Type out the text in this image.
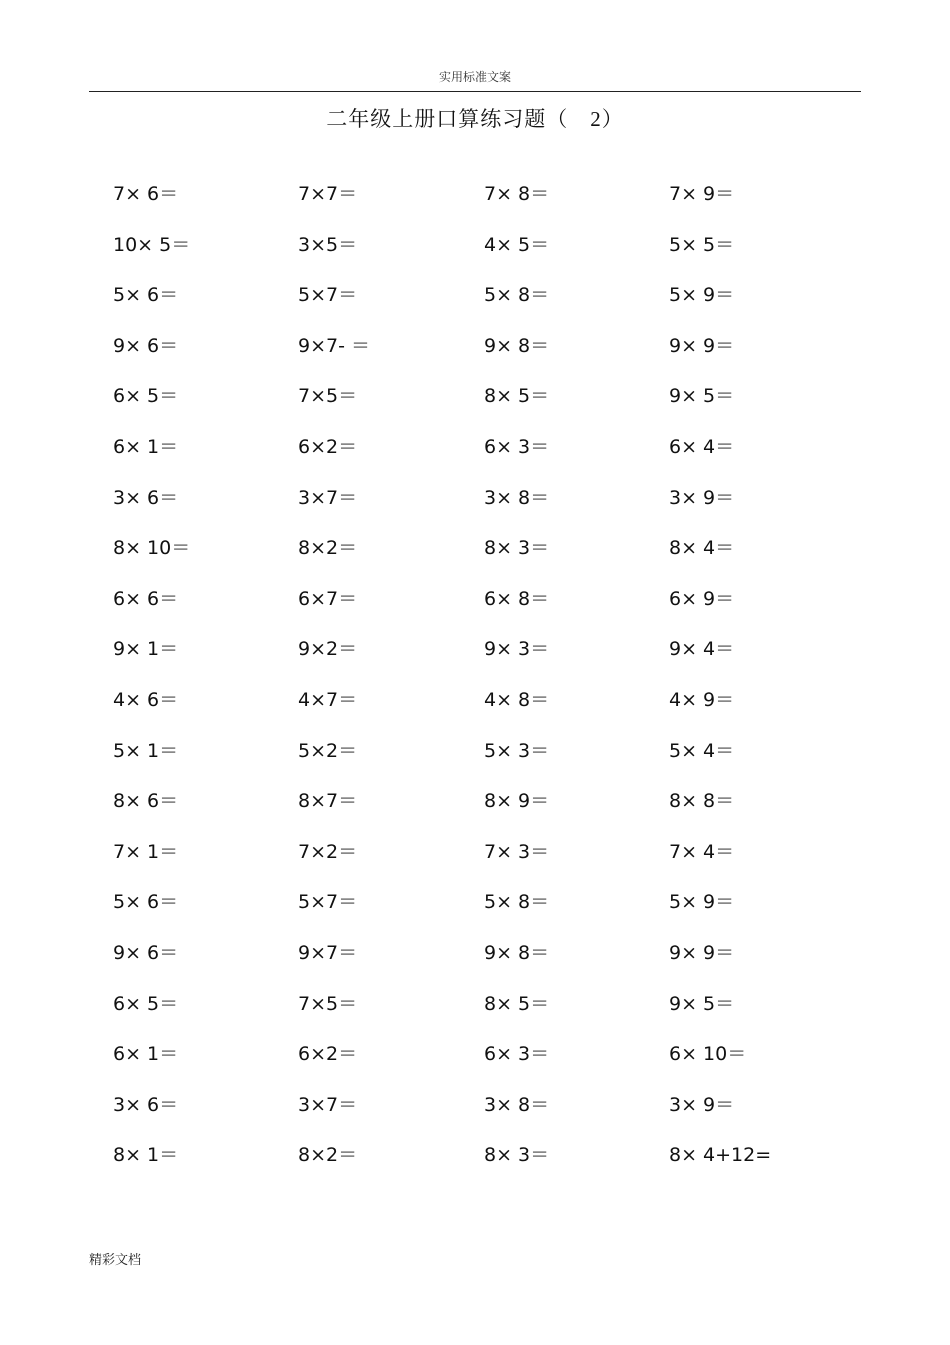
实用标准文案
二年级上册口算练习题（　2）
7× 6＝	7×7＝	7× 8＝	7× 9＝
10× 5＝	3×5＝	4× 5＝	5× 5＝
5× 6＝	5×7＝	5× 8＝	5× 9＝
9× 6＝	9×7- ＝	9× 8＝	9× 9＝
6× 5＝	7×5＝	8× 5＝	9× 5＝
6× 1＝	6×2＝	6× 3＝	6× 4＝
3× 6＝	3×7＝	3× 8＝	3× 9＝
8× 10＝	8×2＝	8× 3＝	8× 4＝
6× 6＝	6×7＝	6× 8＝	6× 9＝
9× 1＝	9×2＝	9× 3＝	9× 4＝
4× 6＝	4×7＝	4× 8＝	4× 9＝
5× 1＝	5×2＝	5× 3＝	5× 4＝
8× 6＝	8×7＝	8× 9＝	8× 8＝
7× 1＝	7×2＝	7× 3＝	7× 4＝
5× 6＝	5×7＝	5× 8＝	5× 9＝
9× 6＝	9×7＝	9× 8＝	9× 9＝
6× 5＝	7×5＝	8× 5＝	9× 5＝
6× 1＝	6×2＝	6× 3＝	6× 10＝
3× 6＝	3×7＝	3× 8＝	3× 9＝
8× 1＝	8×2＝	8× 3＝	8× 4+12=
精彩文档
